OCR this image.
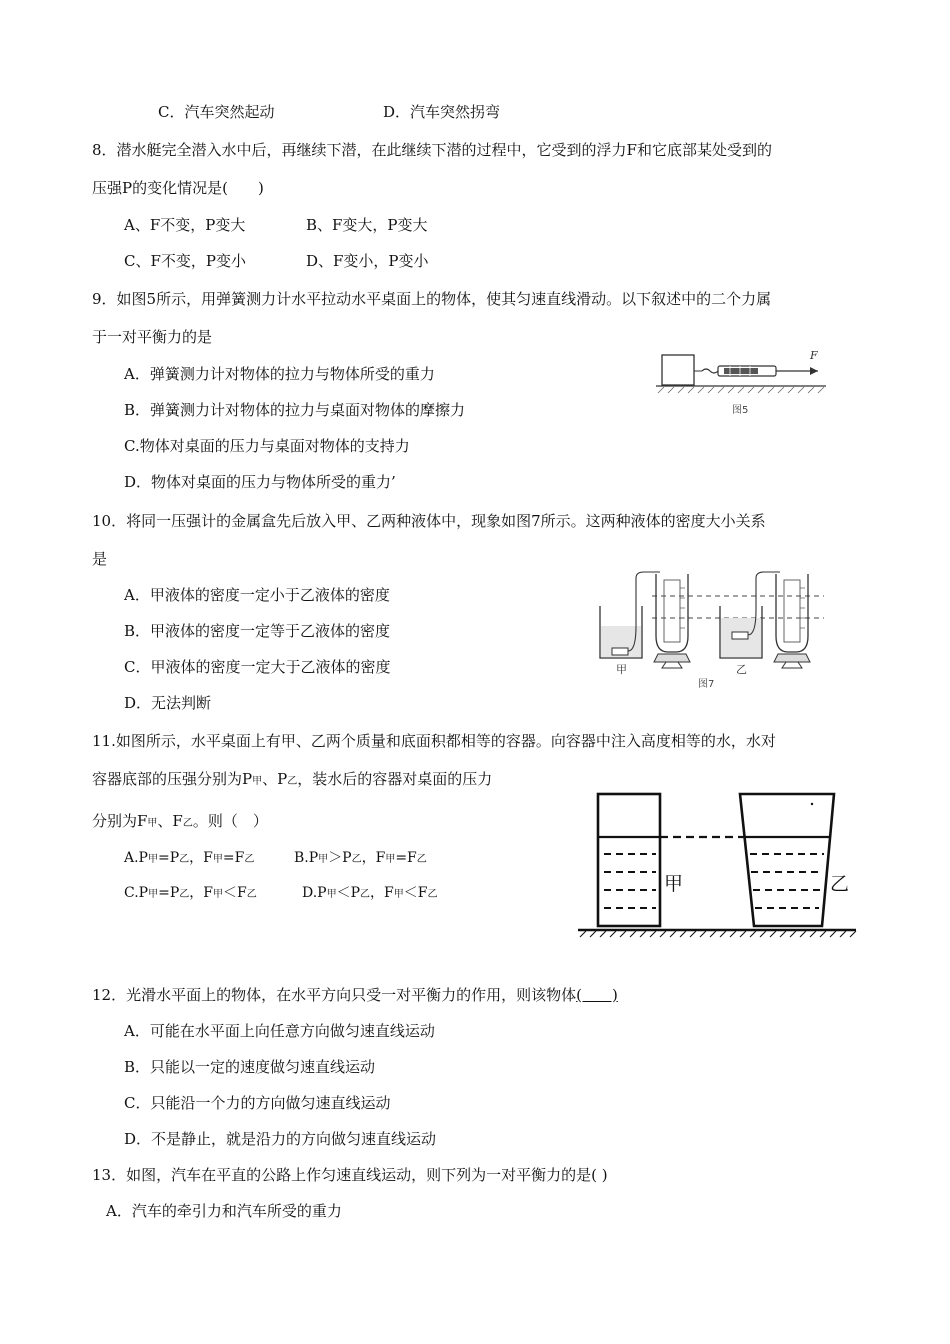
C．汽车突然起动	D．汽车突然拐弯
8．潜水艇完全潜入水中后，再继续下潜，在此继续下潜的过程中，它受到的浮力F和它底部某处受到的
压强P的变化情况是(　　)
A、F不变，P变大	B、F变大，P变大
C、F不变，P变小	D、F变小，P变小
9．如图5所示，用弹簧测力计水平拉动水平桌面上的物体，使其匀速直线滑动。以下叙述中的二个力属
于一对平衡力的是
A．弹簧测力计对物体的拉力与物体所受的重力
B．弹簧测力计对物体的拉力与桌面对物体的摩擦力
C.物体对桌面的压力与桌面对物体的支持力
D．物体对桌面的压力与物体所受的重力’
F
图5
10．将同一压强计的金属盒先后放入甲、乙两种液体中，现象如图7所示。这两种液体的密度大小关系
是
A．甲液体的密度一定小于乙液体的密度
B．甲液体的密度一定等于乙液体的密度
C．甲液体的密度一定大于乙液体的密度
D．无法判断
甲	乙
图7
11.如图所示，水平桌面上有甲、乙两个质量和底面积都相等的容器。向容器中注入高度相等的水，水对
容器底部的压强分别为P甲、P乙，装水后的容器对桌面的压力
分别为F甲、F乙。则（　）
A.P甲=P乙，F甲=F乙	B.P甲＞P乙，F甲=F乙
C.P甲=P乙，F甲＜F乙	D.P甲＜P乙，F甲＜F乙	甲	乙
12．光滑水平面上的物体，在水平方向只受一对平衡力的作用，则该物体(　　)
A．可能在水平面上向任意方向做匀速直线运动
B．只能以一定的速度做匀速直线运动
C．只能沿一个力的方向做匀速直线运动
D．不是静止，就是沿力的方向做匀速直线运动
13．如图，汽车在平直的公路上作匀速直线运动，则下列为一对平衡力的是( )
A．汽车的牵引力和汽车所受的重力
